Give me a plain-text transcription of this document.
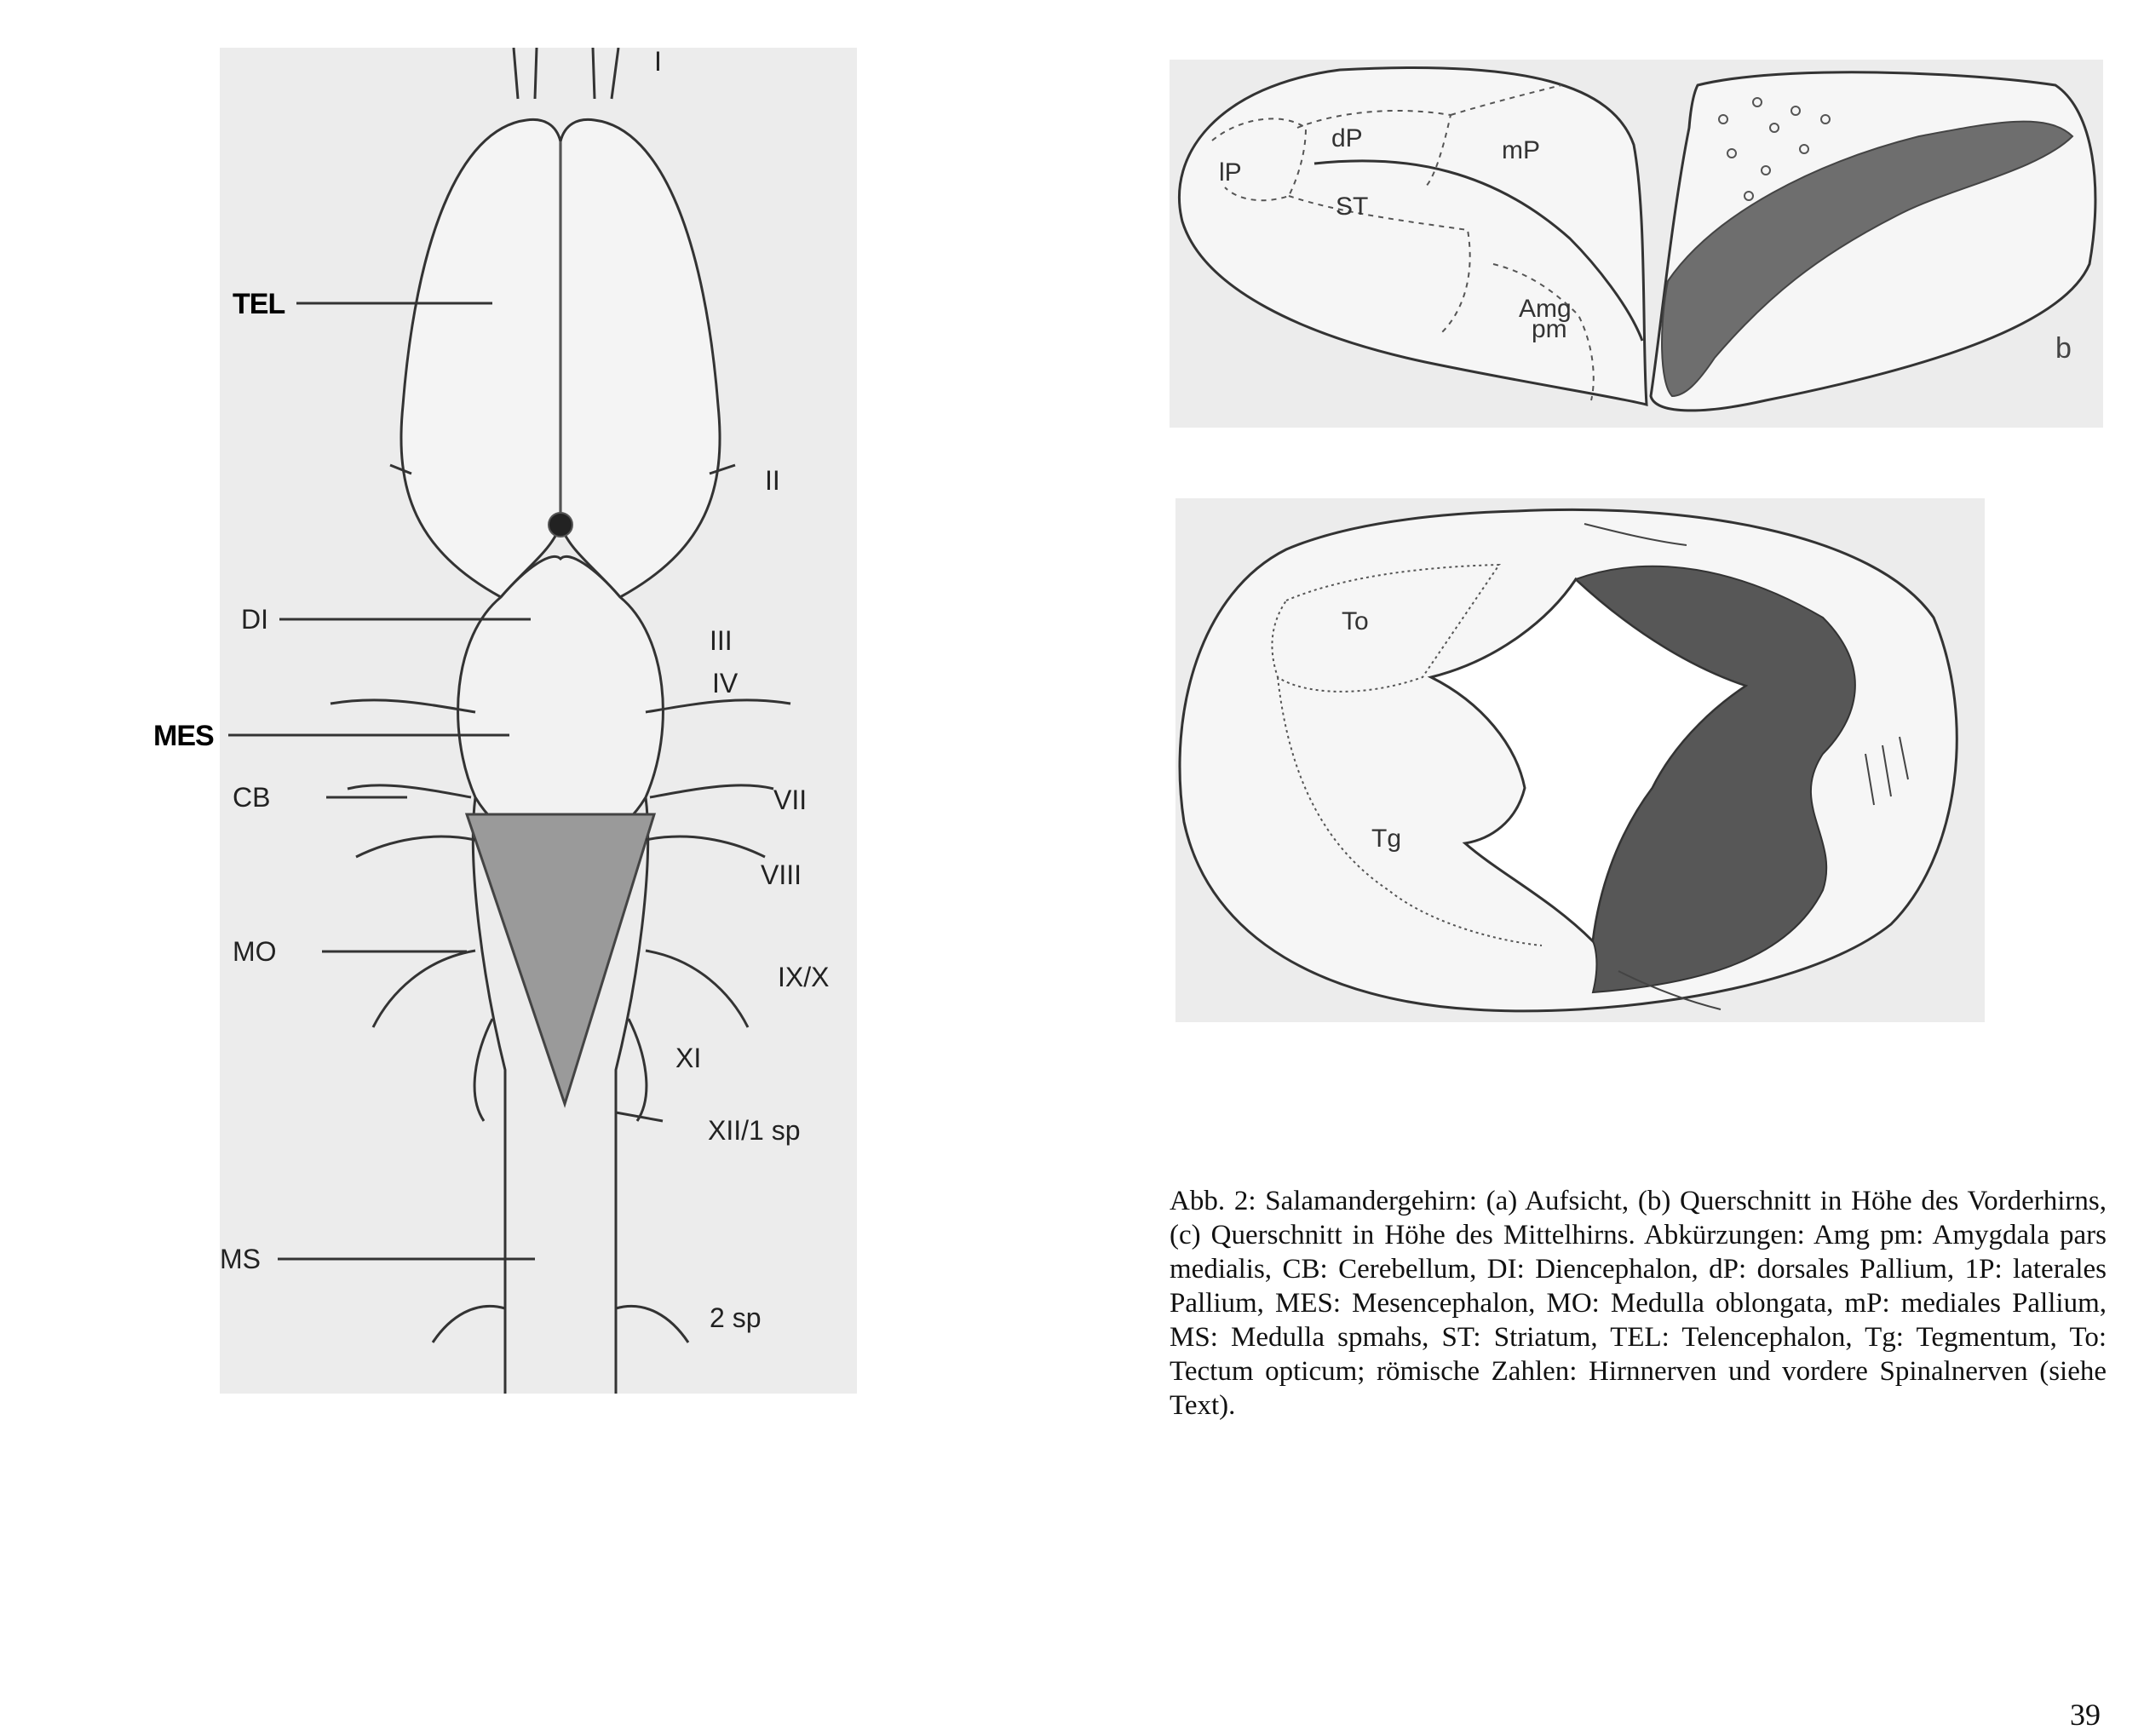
TEL
DI
MES
CB
MO
MS
I
II
III
IV
VII
VIII
IX/X
XI
XII/1 sp
2 sp
lP
dP	mP
ST
Amg
pm
b
To
Tg

Abb. 2: Salamandergehirn: (a) Aufsicht, (b) Querschnitt in Höhe des Vorderhirns, (c) Querschnitt in Höhe des Mittelhirns. Abkürzungen: Amg pm: Amygdala pars medialis, CB: Cerebellum, DI: Diencephalon, dP: dorsales Pallium, 1P: laterales Pallium, MES: Mesencephalon, MO: Medulla oblongata, mP: mediales Pallium, MS: Medulla spmahs, ST: Striatum, TEL: Telencephalon, Tg: Tegmentum, To: Tectum opticum; römische Zahlen: Hirnnerven und vordere Spinalnerven (siehe Text).

39
